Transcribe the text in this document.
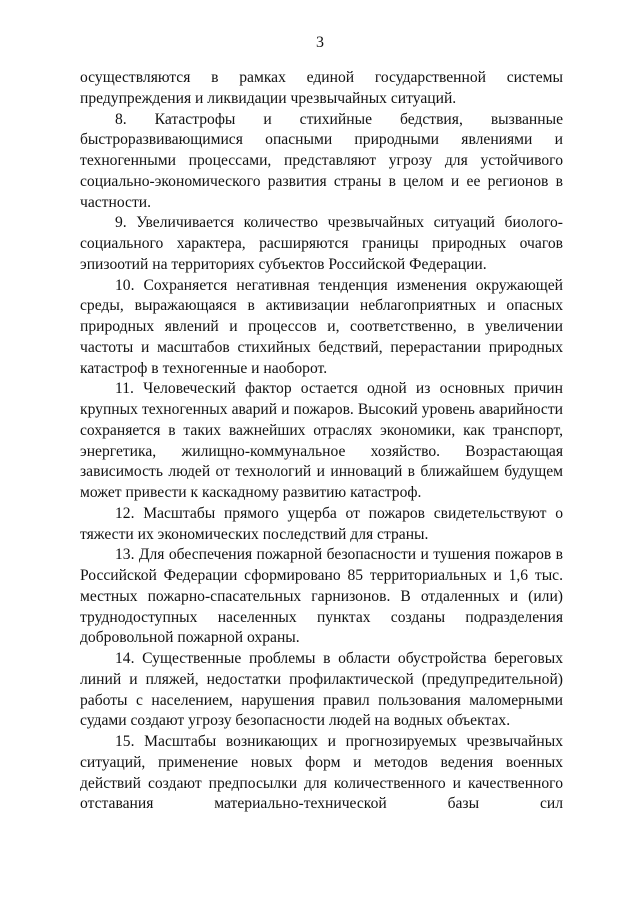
3

осуществляются в рамках единой государственной системы предупреждения и ликвидации чрезвычайных ситуаций.

8. Катастрофы и стихийные бедствия, вызванные быстроразвивающимися опасными природными явлениями и техногенными процессами, представляют угрозу для устойчивого социально-экономического развития страны в целом и ее регионов в частности.

9. Увеличивается количество чрезвычайных ситуаций биолого-социального характера, расширяются границы природных очагов эпизоотий на территориях субъектов Российской Федерации.

10. Сохраняется негативная тенденция изменения окружающей среды, выражающаяся в активизации неблагоприятных и опасных природных явлений и процессов и, соответственно, в увеличении частоты и масштабов стихийных бедствий, перерастании природных катастроф в техногенные и наоборот.

11. Человеческий фактор остается одной из основных причин крупных техногенных аварий и пожаров. Высокий уровень аварийности сохраняется в таких важнейших отраслях экономики, как транспорт, энергетика, жилищно-коммунальное хозяйство. Возрастающая зависимость людей от технологий и инноваций в ближайшем будущем может привести к каскадному развитию катастроф.

12. Масштабы прямого ущерба от пожаров свидетельствуют о тяжести их экономических последствий для страны.

13. Для обеспечения пожарной безопасности и тушения пожаров в Российской Федерации сформировано 85 территориальных и 1,6 тыс. местных пожарно-спасательных гарнизонов. В отдаленных и (или) труднодоступных населенных пунктах созданы подразделения добровольной пожарной охраны.

14. Существенные проблемы в области обустройства береговых линий и пляжей, недостатки профилактической (предупредительной) работы с населением, нарушения правил пользования маломерными судами создают угрозу безопасности людей на водных объектах.

15. Масштабы возникающих и прогнозируемых чрезвычайных ситуаций, применение новых форм и методов ведения военных действий создают предпосылки для количественного и качественного отставания материально-технической базы сил
